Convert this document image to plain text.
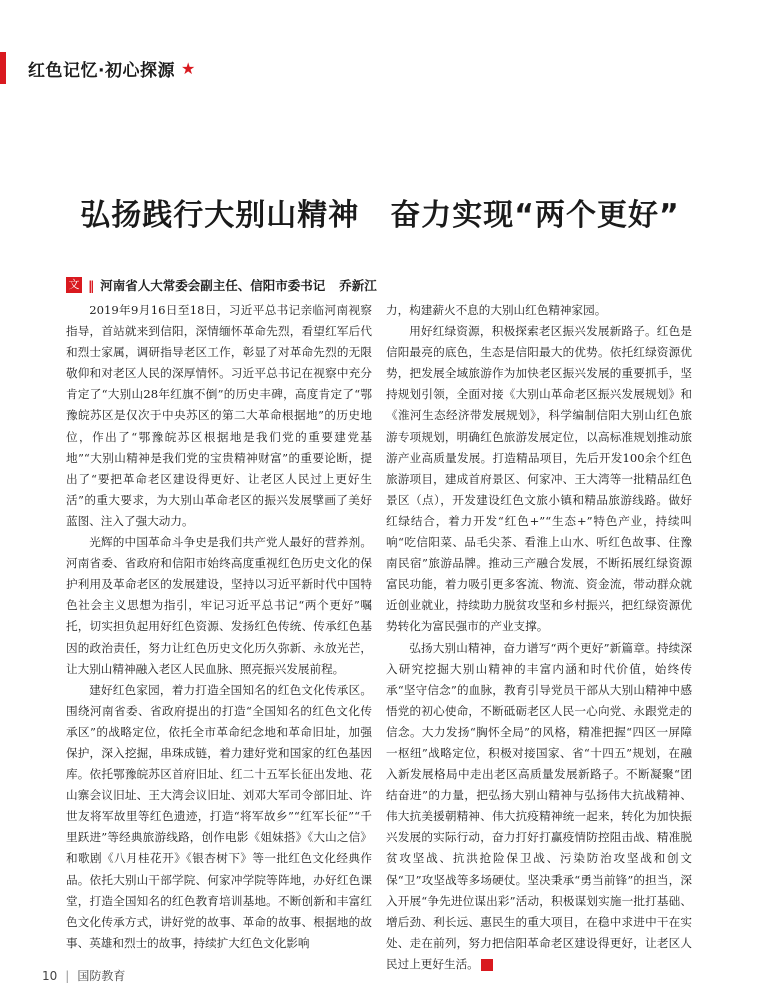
红色记忆·初心探源 ★
弘扬践行大别山精神　奋力实现“两个更好”
文 ‖ 河南省人大常委会副主任、信阳市委书记 乔新江

2019年9月16日至18日，习近平总书记亲临河南视察指导，首站就来到信阳，深情缅怀革命先烈，看望红军后代和烈士家属，调研指导老区工作，彰显了对革命先烈的无限敬仰和对老区人民的深厚情怀。习近平总书记在视察中充分肯定了“大别山28年红旗不倒”的历史丰碑，高度肯定了“鄂豫皖苏区是仅次于中央苏区的第二大革命根据地”的历史地位，作出了“鄂豫皖苏区根据地是我们党的重要建党基地”“大别山精神是我们党的宝贵精神财富”的重要论断，提出了“要把革命老区建设得更好、让老区人民过上更好生活”的重大要求，为大别山革命老区的振兴发展擘画了美好蓝图、注入了强大动力。

光辉的中国革命斗争史是我们共产党人最好的营养剂。河南省委、省政府和信阳市始终高度重视红色历史文化的保护利用及革命老区的发展建设，坚持以习近平新时代中国特色社会主义思想为指引，牢记习近平总书记“两个更好”嘱托，切实担负起用好红色资源、发扬红色传统、传承红色基因的政治责任，努力让红色历史文化历久弥新、永放光芒，让大别山精神融入老区人民血脉、照亮振兴发展前程。

建好红色家园，着力打造全国知名的红色文化传承区。围绕河南省委、省政府提出的打造“全国知名的红色文化传承区”的战略定位，依托全市革命纪念地和革命旧址，加强保护，深入挖掘，串珠成链，着力建好党和国家的红色基因库。依托鄂豫皖苏区首府旧址、红二十五军长征出发地、花山寨会议旧址、王大湾会议旧址、刘邓大军司令部旧址、许世友将军故里等红色遗迹，打造“将军故乡”“红军长征”“千里跃进”等经典旅游线路，创作电影《姐妹搭》《大山之信》和歌剧《八月桂花开》《银杏树下》等一批红色文化经典作品。依托大别山干部学院、何家冲学院等阵地，办好红色课堂，打造全国知名的红色教育培训基地。不断创新和丰富红色文化传承方式，讲好党的故事、革命的故事、根据地的故事、英雄和烈士的故事，持续扩大红色文化影响

力，构建薪火不息的大别山红色精神家园。

用好红绿资源，积极探索老区振兴发展新路子。红色是信阳最亮的底色，生态是信阳最大的优势。依托红绿资源优势，把发展全域旅游作为加快老区振兴发展的重要抓手，坚持规划引领，全面对接《大别山革命老区振兴发展规划》和《淮河生态经济带发展规划》，科学编制信阳大别山红色旅游专项规划，明确红色旅游发展定位，以高标准规划推动旅游产业高质量发展。打造精品项目，先后开发100余个红色旅游项目，建成首府景区、何家冲、王大湾等一批精品红色景区（点），开发建设红色文旅小镇和精品旅游线路。做好红绿结合，着力开发“红色+”“生态+”特色产业，持续叫响“吃信阳菜、品毛尖茶、看淮上山水、听红色故事、住豫南民宿”旅游品牌。推动三产融合发展，不断拓展红绿资源富民功能，着力吸引更多客流、物流、资金流，带动群众就近创业就业，持续助力脱贫攻坚和乡村振兴，把红绿资源优势转化为富民强市的产业支撑。

弘扬大别山精神，奋力谱写“两个更好”新篇章。持续深入研究挖掘大别山精神的丰富内涵和时代价值，始终传承“坚守信念”的血脉，教育引导党员干部从大别山精神中感悟党的初心使命，不断砥砺老区人民一心向党、永跟党走的信念。大力发扬“胸怀全局”的风格，精准把握“四区一屏障一枢纽”战略定位，积极对接国家、省“十四五”规划，在融入新发展格局中走出老区高质量发展新路子。不断凝聚“团结奋进”的力量，把弘扬大别山精神与弘扬伟大抗战精神、伟大抗美援朝精神、伟大抗疫精神统一起来，转化为加快振兴发展的实际行动，奋力打好打赢疫情防控阻击战、精准脱贫攻坚战、抗洪抢险保卫战、污染防治攻坚战和创文保“卫”攻坚战等多场硬仗。坚决秉承“勇当前锋”的担当，深入开展“争先进位谋出彩”活动，积极谋划实施一批打基础、增后劲、利长远、惠民生的重大项目，在稳中求进中干在实处、走在前列，努力把信阳革命老区建设得更好，让老区人民过上更好生活。	G

10 | 国防教育
